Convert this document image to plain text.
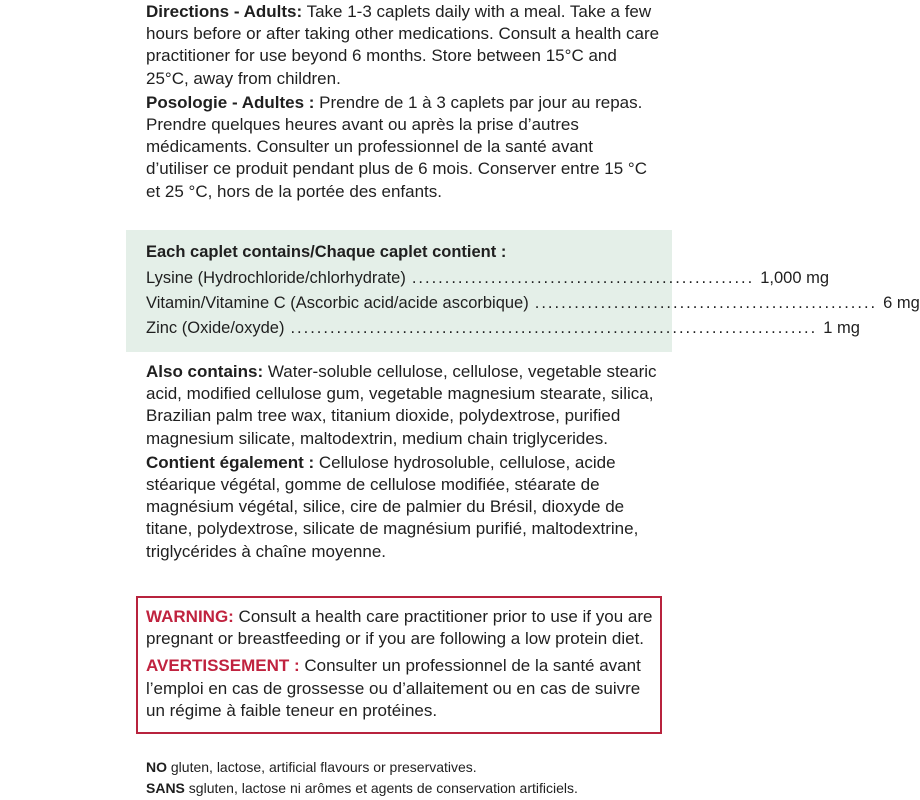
Directions - Adults: Take 1-3 caplets daily with a meal. Take a few hours before or after taking other medications. Consult a health care practitioner for use beyond 6 months. Store between 15°C and 25°C, away from children.

Posologie - Adultes : Prendre de 1 à 3 caplets par jour au repas. Prendre quelques heures avant ou après la prise d’autres médicaments. Consulter un professionnel de la santé avant d’utiliser ce produit pendant plus de 6 mois. Conserver entre 15 °C et 25 °C, hors de la portée des enfants.

Each caplet contains/Chaque caplet contient :
Lysine (Hydrochloride/chlorhydrate) .................................................... 1,000 mg
Vitamin/Vitamine C (Ascorbic acid/acide ascorbique) .................................................... 6 mg
Zinc (Oxide/oxyde) ................................................................................ 1 mg

Also contains: Water-soluble cellulose, cellulose, vegetable stearic acid, modified cellulose gum, vegetable magnesium stearate, silica, Brazilian palm tree wax, titanium dioxide, polydextrose, purified magnesium silicate, maltodextrin, medium chain triglycerides.

Contient également : Cellulose hydrosoluble, cellulose, acide stéarique végétal, gomme de cellulose modifiée, stéarate de magnésium végétal, silice, cire de palmier du Brésil, dioxyde de titane, polydextrose, silicate de magnésium purifié, maltodextrine, triglycérides à chaîne moyenne.

WARNING: Consult a health care practitioner prior to use if you are pregnant or breastfeeding or if you are following a low protein diet.

AVERTISSEMENT : Consulter un professionnel de la santé avant l’emploi en cas de grossesse ou d’allaitement ou en cas de suivre un régime à faible teneur en protéines.

NO gluten, lactose, artificial flavours or preservatives.

SANS sgluten, lactose ni arômes et agents de conservation artificiels.
